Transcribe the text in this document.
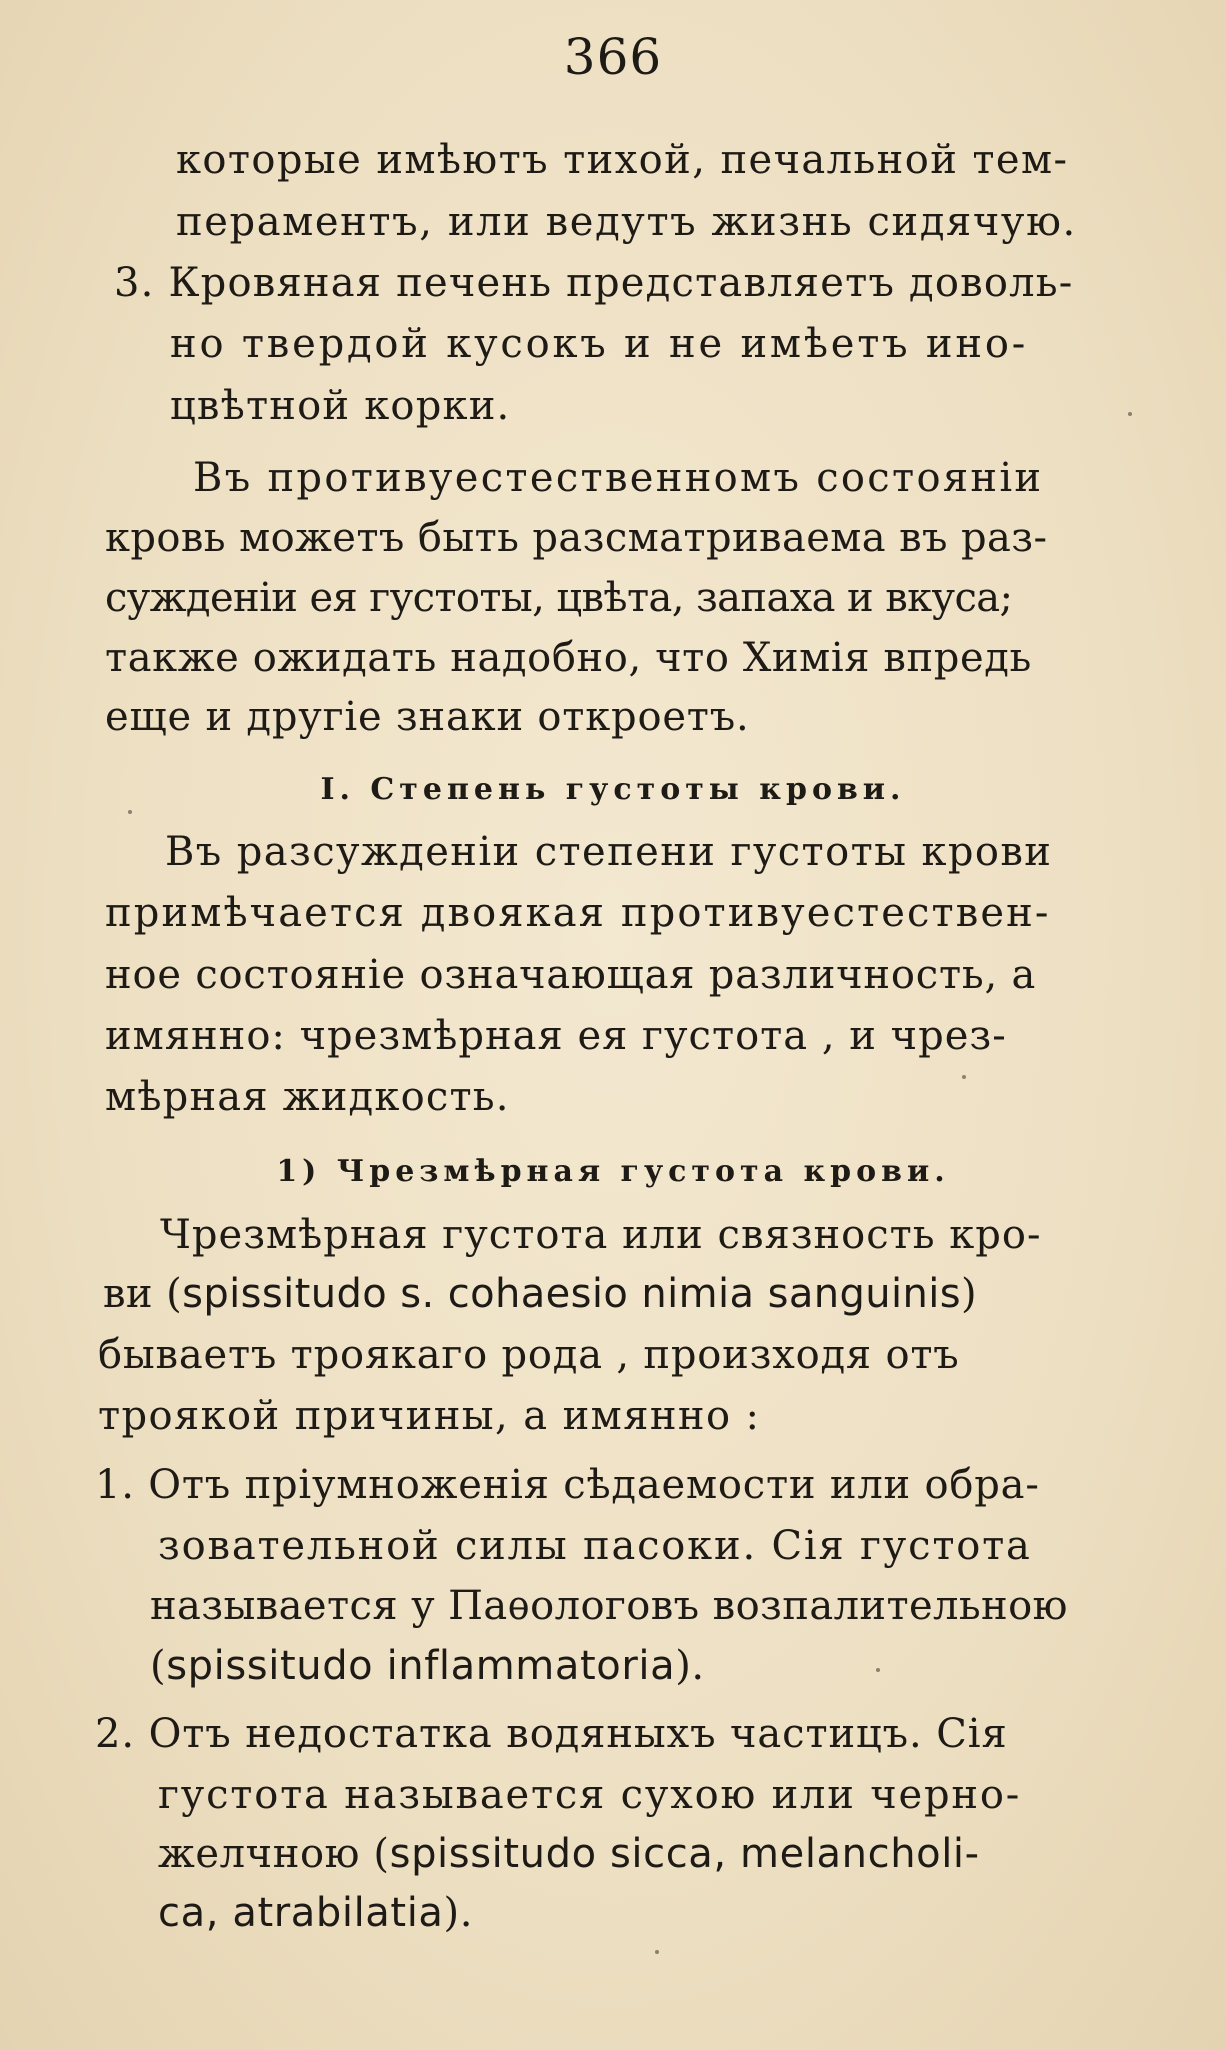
366
которые имѣютъ тихой, печальной тем-
пераментъ, или ведутъ жизнь сидячую.
3. Кровяная печень представляетъ доволь-
но твердой кусокъ и не имѣетъ ино-
цвѣтной корки.
Въ противуестественномъ состояніи
кровь можетъ быть разсматриваема въ раз-
сужденіи ея густоты, цвѣта, запаха и вкуса;
также ожидать надобно, что Химія впредь
еще и другіе знаки откроетъ.
I. Степень густоты крови.
Въ разсужденіи степени густоты крови
примѣчается двоякая противуестествен-
ное состояніе означающая различность, а
имянно: чрезмѣрная ея густота , и чрез-
мѣрная жидкость.
1) Чрезмѣрная густота крови.
Чрезмѣрная густота или связность кро-
ви (spissitudo s. cohaesio nimia sanguinis)
бываетъ троякаго рода , произходя отъ
троякой причины, а имянно :
1. Отъ пріумноженія сѣдаемости или обра-
зовательной силы пасоки. Сія густота
называется у Паѳологовъ возпалительною
(spissitudo inflammatoria).
2. Отъ недостатка водяныхъ частицъ. Сія
густота называется сухою или черно-
желчною (spissitudo sicca, melancholi-
ca, atrabilatia).
